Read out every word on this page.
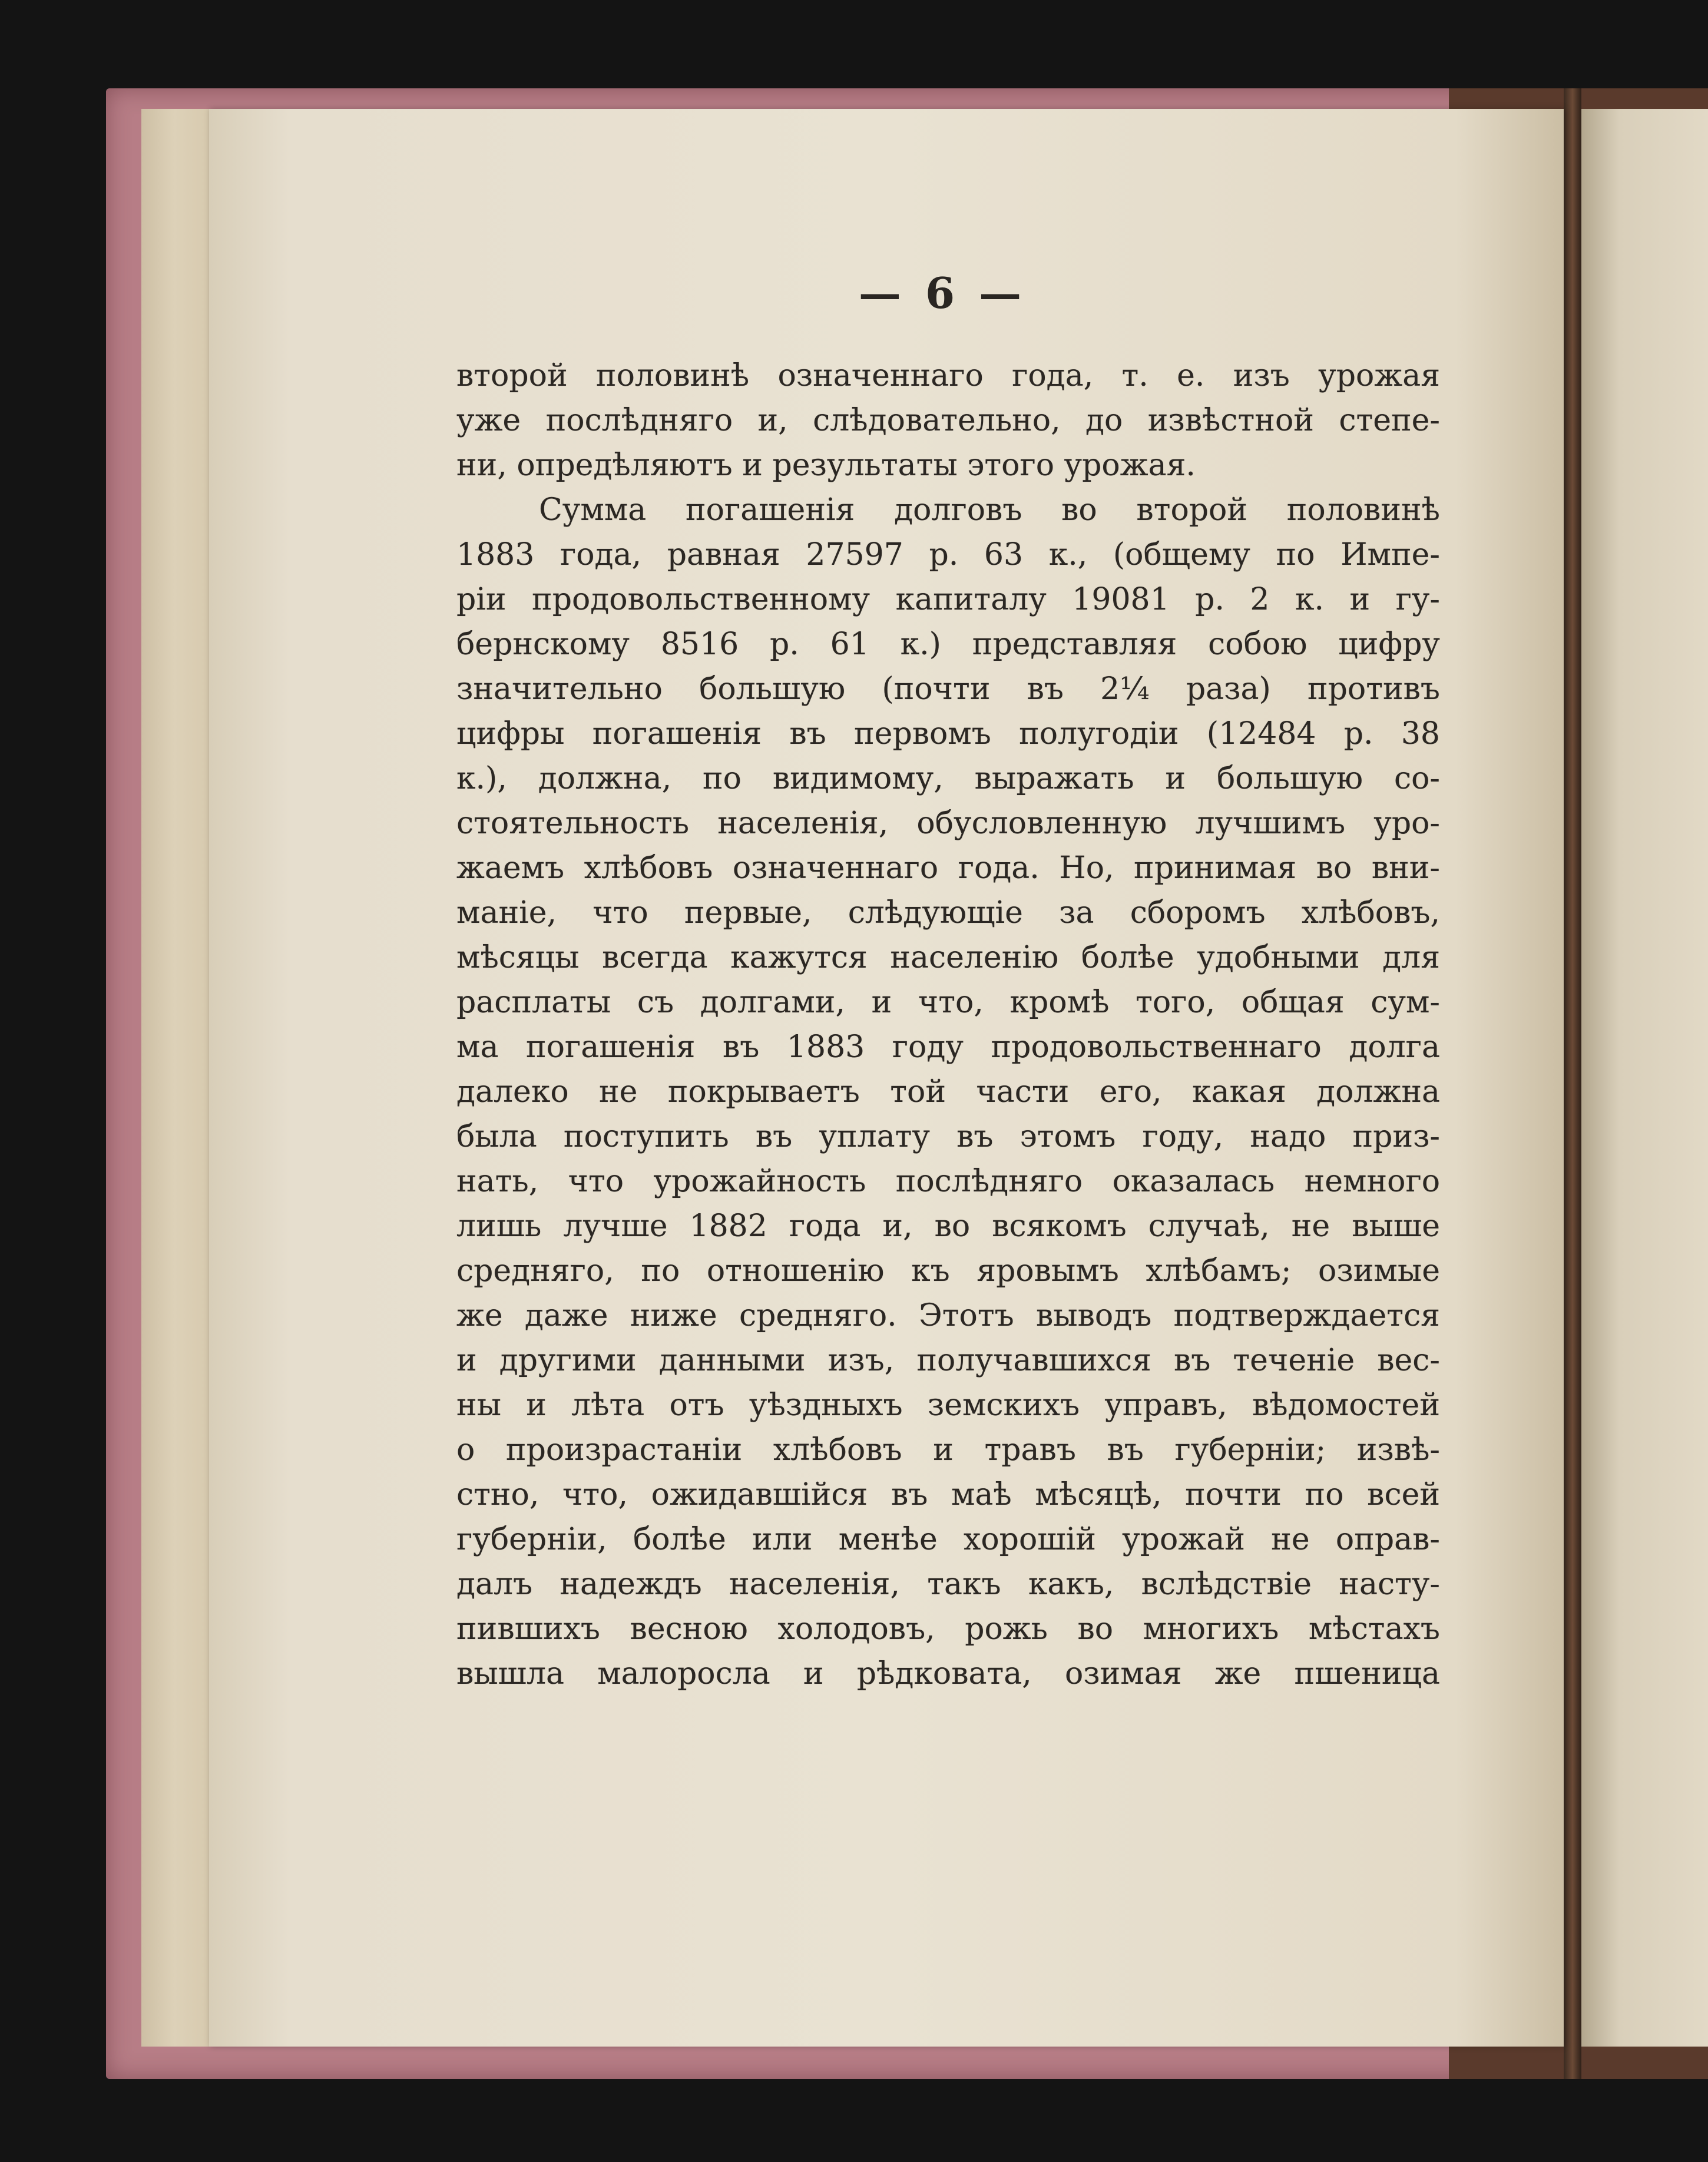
— 6 —
второй половинѣ означеннаго года, т. е. изъ урожая
уже послѣдняго и, слѣдовательно, до извѣстной степе-
ни, опредѣляютъ и результаты этого урожая.
Сумма погашенія долговъ во второй половинѣ
1883 года, равная 27597 р. 63 к., (общему по Импе-
ріи продовольственному капиталу 19081 р. 2 к. и гу-
бернскому 8516 р. 61 к.) представляя собою цифру
значительно большую (почти въ 2¼ раза) противъ
цифры погашенія въ первомъ полугодіи (12484 р. 38
к.), должна, по видимому, выражать и большую со-
стоятельность населенія, обусловленную лучшимъ уро-
жаемъ хлѣбовъ означеннаго года. Но, принимая во вни-
маніе, что первые, слѣдующіе за сборомъ хлѣбовъ,
мѣсяцы всегда кажутся населенію болѣе удобными для
расплаты съ долгами, и что, кромѣ того, общая сум-
ма погашенія въ 1883 году продовольственнаго долга
далеко не покрываетъ той части его, какая должна
была поступить въ уплату въ этомъ году, надо приз-
нать, что урожайность послѣдняго оказалась немного
лишь лучше 1882 года и, во всякомъ случаѣ, не выше
средняго, по отношенію къ яровымъ хлѣбамъ; озимые
же даже ниже средняго. Этотъ выводъ подтверждается
и другими данными изъ, получавшихся въ теченіе вес-
ны и лѣта отъ уѣздныхъ земскихъ управъ, вѣдомостей
о произрастаніи хлѣбовъ и травъ въ губерніи; извѣ-
стно, что, ожидавшійся въ маѣ мѣсяцѣ, почти по всей
губерніи, болѣе или менѣе хорошій урожай не оправ-
далъ надеждъ населенія, такъ какъ, вслѣдствіе насту-
пившихъ весною холодовъ, рожь во многихъ мѣстахъ
вышла малоросла и рѣдковата, озимая же пшеница
